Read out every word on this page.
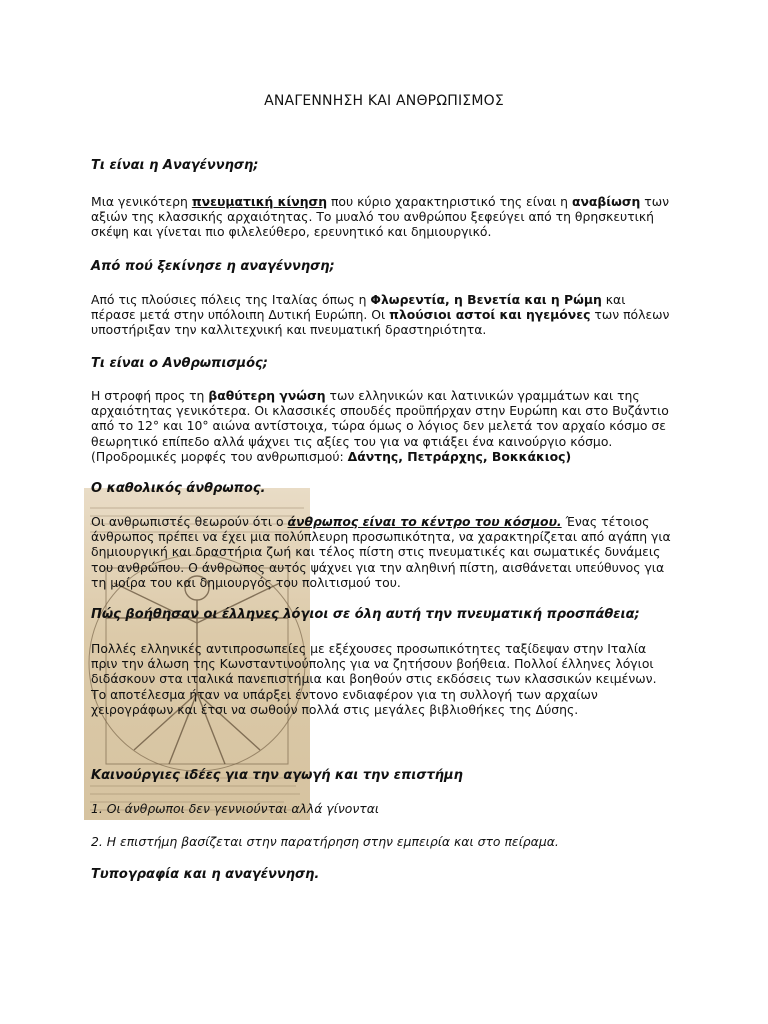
ΑΝΑΓΕΝΝΗΣΗ ΚΑΙ ΑΝΘΡΩΠΙΣΜΟΣ
Τι είναι η Αναγέννηση;
Μια γενικότερη πνευματική κίνηση που κύριο χαρακτηριστικό της είναι η αναβίωση των
αξιών της κλασσικής αρχαιότητας. Το μυαλό του ανθρώπου ξεφεύγει από τη θρησκευτική
σκέψη και γίνεται πιο φιλελεύθερο, ερευνητικό και δημιουργικό.
Από πού ξεκίνησε η αναγέννηση;
Από τις πλούσιες πόλεις της Ιταλίας όπως η Φλωρεντία, η Βενετία και η Ρώμη και
πέρασε μετά στην υπόλοιπη Δυτική Ευρώπη. Οι πλούσιοι αστοί και ηγεμόνες των πόλεων
υποστήριξαν την καλλιτεχνική και πνευματική δραστηριότητα.
Τι είναι ο Ανθρωπισμός;
Η στροφή προς τη βαθύτερη γνώση των ελληνικών και λατινικών γραμμάτων και της
αρχαιότητας γενικότερα. Οι κλασσικές σπουδές προϋπήρχαν στην Ευρώπη και στο Βυζάντιο
από το 12° και 10° αιώνα αντίστοιχα, τώρα όμως ο λόγιος δεν μελετά τον αρχαίο κόσμο σε
θεωρητικό επίπεδο αλλά ψάχνει τις αξίες του για να φτιάξει ένα καινούργιο κόσμο.
(Προδρομικές μορφές του ανθρωπισμού: Δάντης, Πετράρχης, Βοκκάκιος)
Ο καθολικός άνθρωπος.
Οι ανθρωπιστές θεωρούν ότι ο άνθρωπος είναι το κέντρο του κόσμου. Ένας τέτοιος
άνθρωπος πρέπει να έχει μια πολύπλευρη προσωπικότητα, να χαρακτηρίζεται από αγάπη για
δημιουργική και δραστήρια ζωή και τέλος πίστη στις πνευματικές και σωματικές δυνάμεις
του ανθρώπου. Ο άνθρωπος αυτός ψάχνει για την αληθινή πίστη, αισθάνεται υπεύθυνος για
τη μοίρα του και δημιουργός του πολιτισμού του.
Πώς βοήθησαν οι έλληνες λόγιοι σε όλη αυτή την πνευματική προσπάθεια;
Πολλές ελληνικές αντιπροσωπείες με εξέχουσες προσωπικότητες ταξίδεψαν στην Ιταλία
πριν την άλωση της Κωνσταντινούπολης για να ζητήσουν βοήθεια. Πολλοί έλληνες λόγιοι
διδάσκουν στα ιταλικά πανεπιστήμια και βοηθούν στις εκδόσεις των κλασσικών κειμένων.
Το αποτέλεσμα ήταν να υπάρξει έντονο ενδιαφέρον για τη συλλογή των αρχαίων
χειρογράφων και έτσι να σωθούν πολλά στις μεγάλες βιβλιοθήκες της Δύσης.
Καινούργιες ιδέες για την αγωγή και την επιστήμη
1. Οι άνθρωποι δεν γεννιούνται αλλά γίνονται
2. Η επιστήμη βασίζεται στην παρατήρηση στην εμπειρία και στο πείραμα.
Τυπογραφία και η αναγέννηση.
